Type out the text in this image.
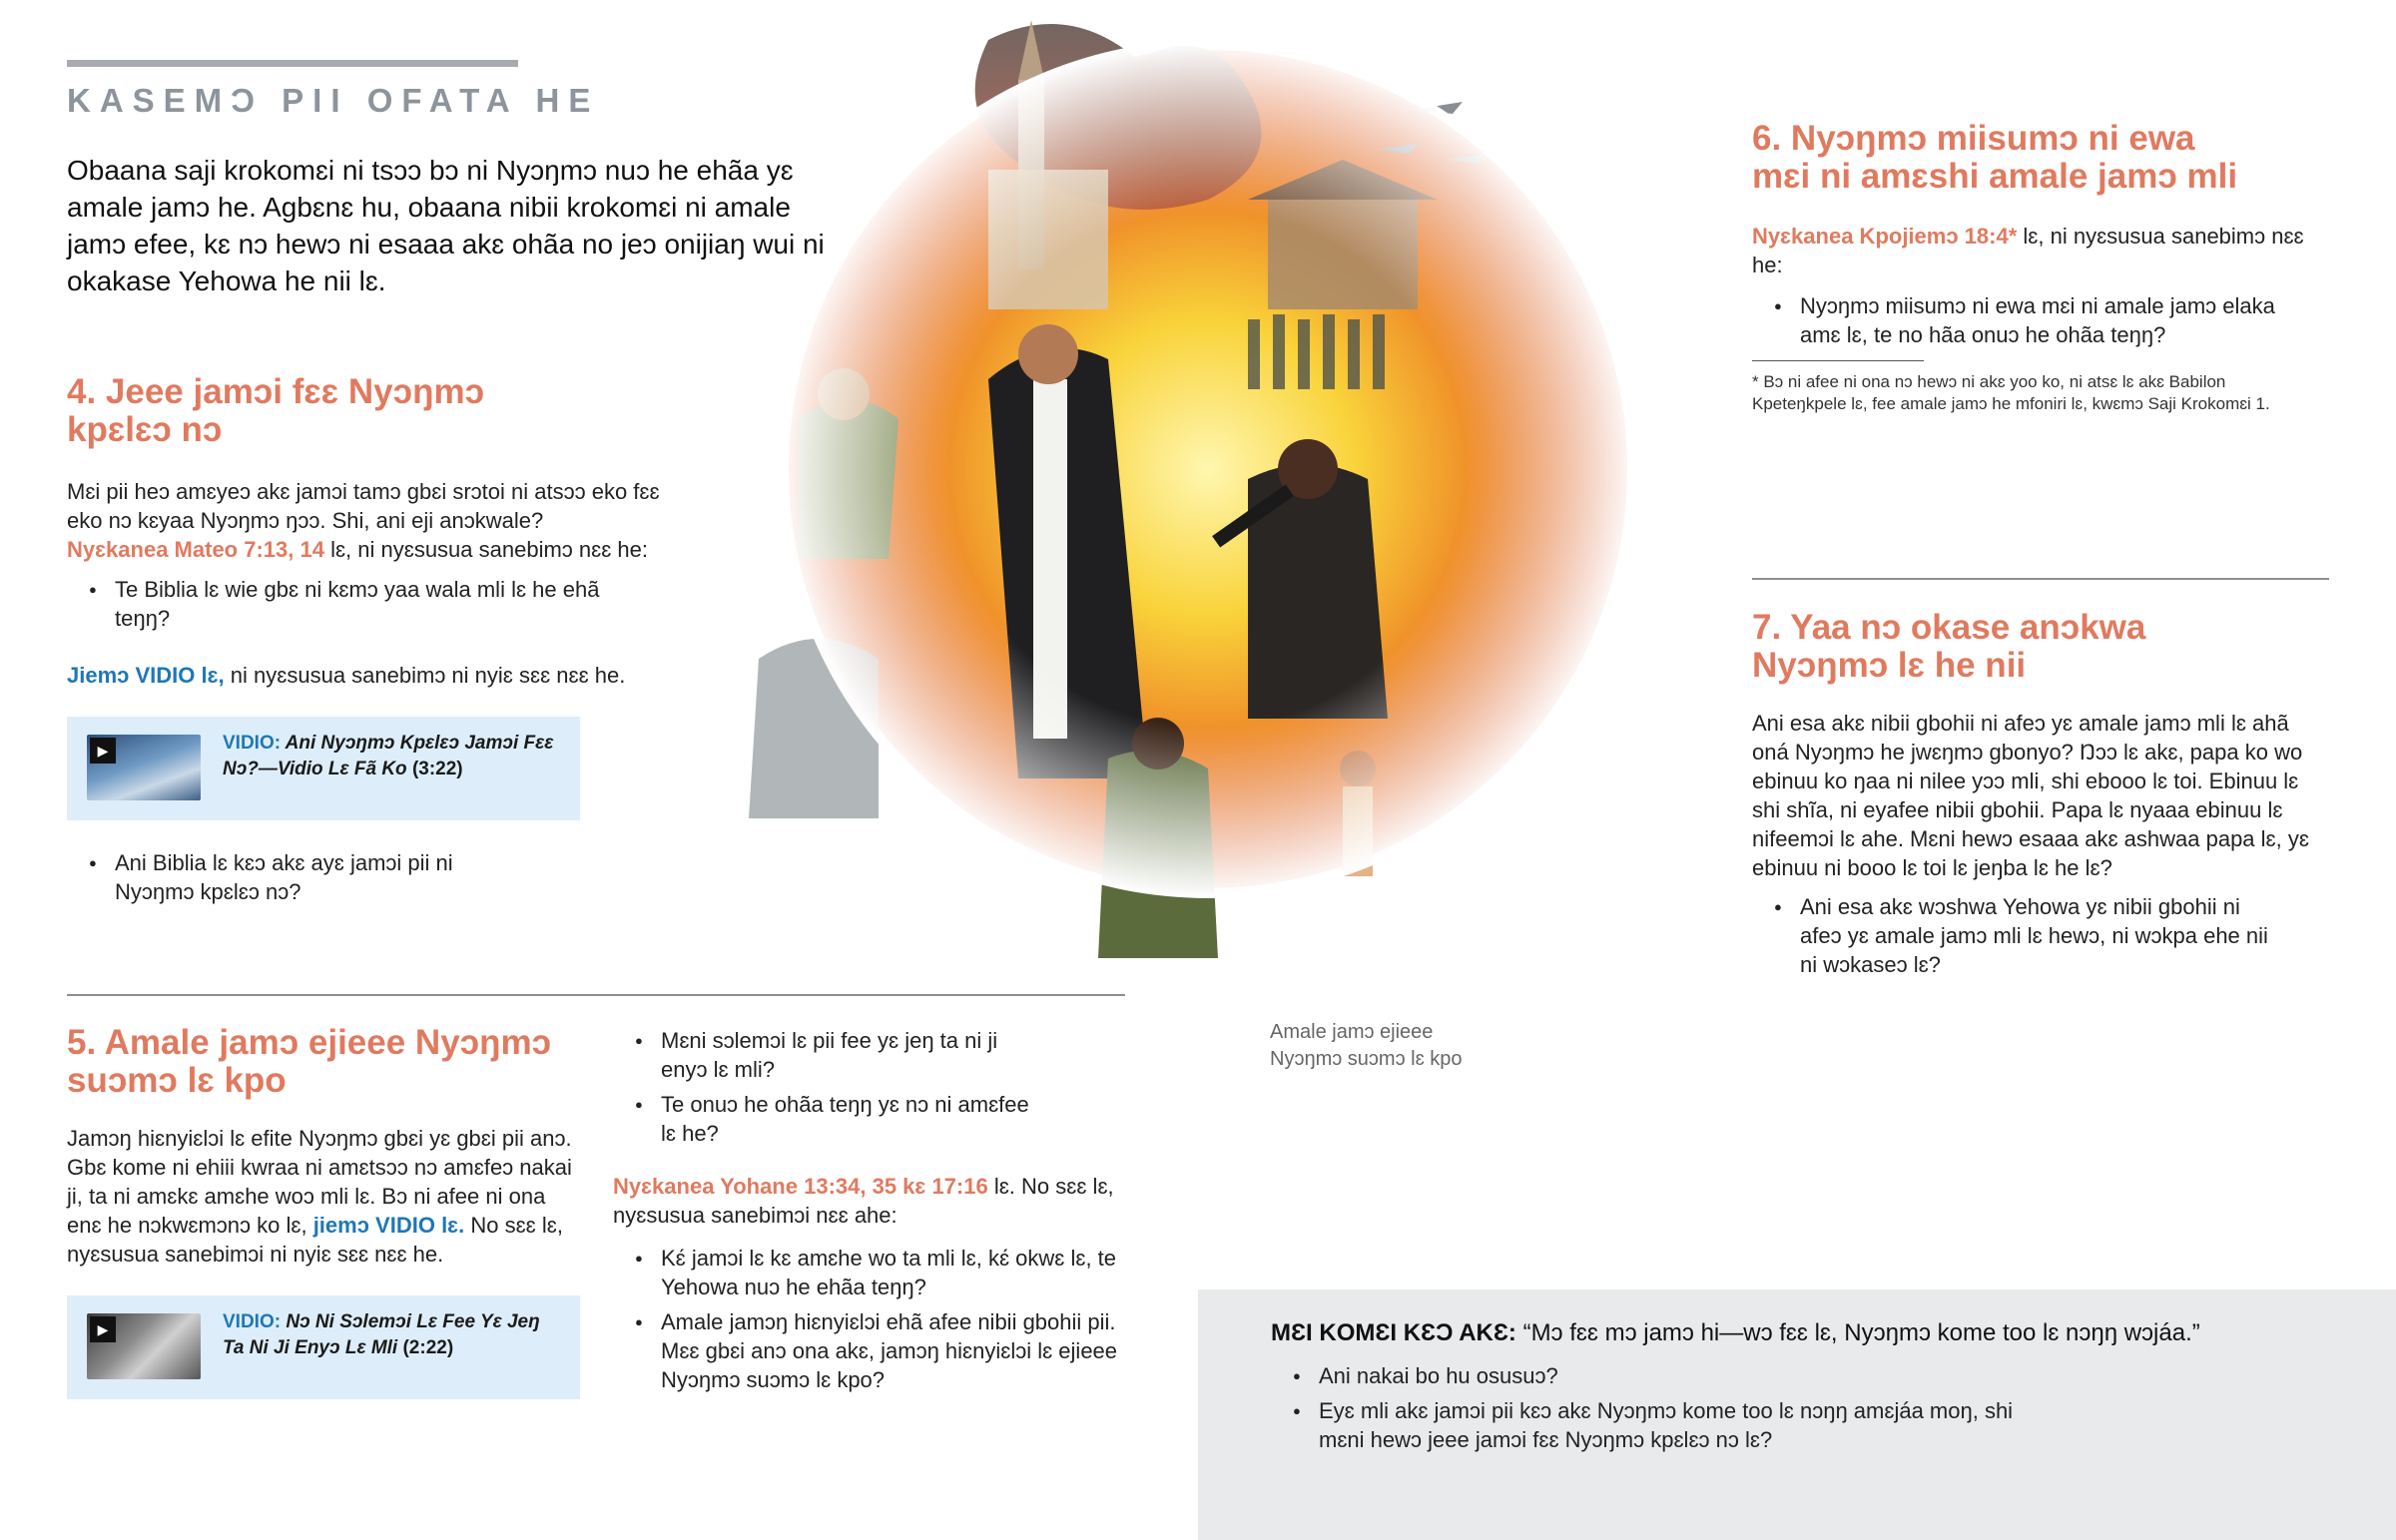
KASEMƆ PII OFATA HE

Obaana saji krokomɛi ni tsɔɔ bɔ ni Nyɔŋmɔ nuɔ he ehãa yɛ amale jamɔ he. Agbɛnɛ hu, obaana nibii krokomɛi ni amale jamɔ efee, kɛ nɔ hewɔ ni esaaa akɛ ohãa no jeɔ onijiaŋ wui ni okakase Yehowa he nii lɛ.

4. Jeee jamɔi fɛɛ Nyɔŋmɔ kpɛlɛɔ nɔ

Mɛi pii heɔ amɛyeɔ akɛ jamɔi tamɔ gbɛi srɔtoi ni atsɔɔ eko fɛɛ eko nɔ kɛyaa Nyɔŋmɔ ŋɔɔ. Shi, ani eji anɔkwale?
Nyɛkanea Mateo 7:13, 14 lɛ, ni nyɛsusua sanebimɔ nɛɛ he:

● Te Biblia lɛ wie gbɛ ni kɛmɔ yaa wala mli lɛ he ehã teŋŋ?

Jiemɔ VIDIO lɛ, ni nyɛsusua sanebimɔ ni nyiɛ sɛɛ nɛɛ he.

▶	VIDIO: Ani Nyɔŋmɔ Kpɛlɛɔ Jamɔi Fɛɛ Nɔ?—Vidio Lɛ Fã Ko (3:22)
● Ani Biblia lɛ kɛɔ akɛ ayɛ jamɔi pii ni Nyɔŋmɔ kpɛlɛɔ nɔ?
5. Amale jamɔ ejieee Nyɔŋmɔ suɔmɔ lɛ kpo

Jamɔŋ hiɛnyiɛlɔi lɛ efite Nyɔŋmɔ gbɛi yɛ gbɛi pii anɔ. Gbɛ kome ni ehiii kwraa ni amɛtsɔɔ nɔ amɛfeɔ nakai ji, ta ni amɛkɛ amɛhe woɔ mli lɛ. Bɔ ni afee ni ona enɛ he nɔkwɛmɔnɔ ko lɛ, jiemɔ VIDIO lɛ. No sɛɛ lɛ, nyɛsusua sanebimɔi ni nyiɛ sɛɛ nɛɛ he.

▶	VIDIO: Nɔ Ni Sɔlemɔi Lɛ Fee Yɛ Jeŋ Ta Ni Ji Enyɔ Lɛ Mli (2:22)
● Mɛni sɔlemɔi lɛ pii fee yɛ jeŋ ta ni ji enyɔ lɛ mli?
● Te onuɔ he ohãa teŋŋ yɛ nɔ ni amɛfee lɛ he?

Nyɛkanea Yohane 13:34, 35 kɛ 17:16 lɛ. No sɛɛ lɛ, nyɛsusua sanebimɔi nɛɛ ahe:

● Kɛ́ jamɔi lɛ kɛ amɛhe wo ta mli lɛ, kɛ́ okwɛ lɛ, te Yehowa nuɔ he ehãa teŋŋ?
● Amale jamɔŋ hiɛnyiɛlɔi ehã afee nibii gbohii pii. Mɛɛ gbɛi anɔ ona akɛ, jamɔŋ hiɛnyiɛlɔi lɛ ejieee Nyɔŋmɔ suɔmɔ lɛ kpo?
Amale jamɔ ejieee
Nyɔŋmɔ suɔmɔ lɛ kpo
6. Nyɔŋmɔ miisumɔ ni ewa mɛi ni amɛshi amale jamɔ mli

Nyɛkanea Kpojiemɔ 18:4* lɛ, ni nyɛsusua sanebimɔ nɛɛ he:

● Nyɔŋmɔ miisumɔ ni ewa mɛi ni amale jamɔ elaka amɛ lɛ, te no hãa onuɔ he ohãa teŋŋ?

* Bɔ ni afee ni ona nɔ hewɔ ni akɛ yoo ko, ni atsɛ lɛ akɛ Babilon Kpeteŋkpele lɛ, fee amale jamɔ he mfoniri lɛ, kwɛmɔ Saji Krokomɛi 1.

7. Yaa nɔ okase anɔkwa Nyɔŋmɔ lɛ he nii

Ani esa akɛ nibii gbohii ni afeɔ yɛ amale jamɔ mli lɛ ahã oná Nyɔŋmɔ he jwɛŋmɔ gbonyo? Ŋɔɔ lɛ akɛ, papa ko wo ebinuu ko ŋaa ni nilee yɔɔ mli, shi ebooo lɛ toi. Ebinuu lɛ shi shĩa, ni eyafee nibii gbohii. Papa lɛ nyaaa ebinuu lɛ nifeemɔi lɛ ahe. Mɛni hewɔ esaaa akɛ ashwaa papa lɛ, yɛ ebinuu ni booo lɛ toi lɛ jeŋba lɛ he lɛ?

● Ani esa akɛ wɔshwa Yehowa yɛ nibii gbohii ni afeɔ yɛ amale jamɔ mli lɛ hewɔ, ni wɔkpa ehe nii ni wɔkaseɔ lɛ?
MƐI KOMƐI KƐƆ AKƐ: “Mɔ fɛɛ mɔ jamɔ hi—wɔ fɛɛ lɛ, Nyɔŋmɔ kome too lɛ nɔŋŋ wɔjáa.”
● Ani nakai bo hu osusuɔ?
● Eyɛ mli akɛ jamɔi pii kɛɔ akɛ Nyɔŋmɔ kome too lɛ nɔŋŋ amɛjáa moŋ, shi mɛni hewɔ jeee jamɔi fɛɛ Nyɔŋmɔ kpɛlɛɔ nɔ lɛ?
